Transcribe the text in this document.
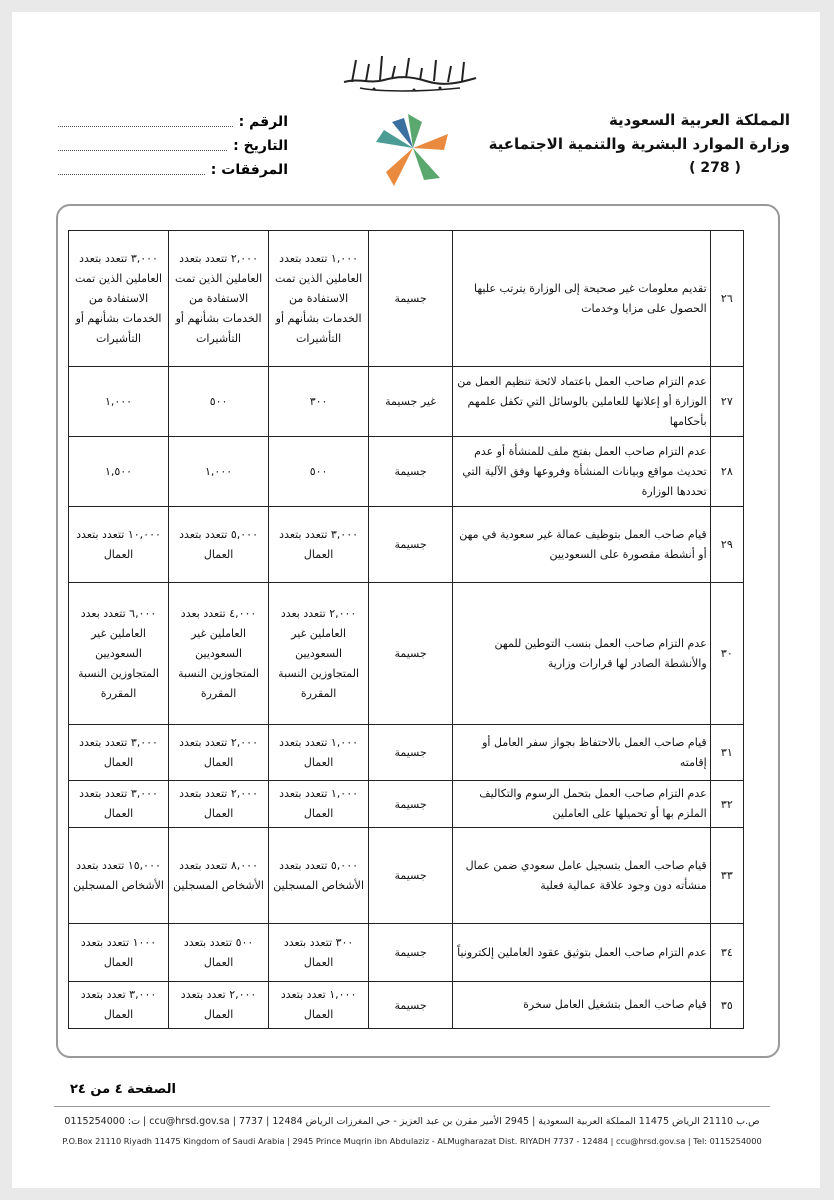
المملكة العربية السعودية
وزارة الموارد البشرية والتنمية الاجتماعية
( 278 )
الرقم :
التاريخ :
المرفقات :
٢٦	تقديم معلومات غير صحيحة إلى الوزارة يترتب عليها الحصول على مزايا وخدمات	جسيمة	١,٠٠٠ تتعدد بتعدد العاملين الذين تمت الاستفادة من الخدمات بشأنهم أو التأشيرات	٢,٠٠٠ تتعدد بتعدد العاملين الذين تمت الاستفادة من الخدمات بشأنهم أو التأشيرات	٣,٠٠٠ تتعدد بتعدد العاملين الذين تمت الاستفادة من الخدمات بشأنهم أو التأشيرات
٢٧	عدم التزام صاحب العمل باعتماد لائحة تنظيم العمل من الوزارة أو إعلانها للعاملين بالوسائل التي تكفل علمهم بأحكامها	غير جسيمة	٣٠٠	٥٠٠	١,٠٠٠
٢٨	عدم التزام صاحب العمل بفتح ملف للمنشأة أو عدم تحديث مواقع وبيانات المنشأة وفروعها وفق الآلية التي تحددها الوزارة	جسيمة	٥٠٠	١,٠٠٠	١,٥٠٠
٢٩	قيام صاحب العمل بتوظيف عمالة غير سعودية في مهن أو أنشطة مقصورة على السعوديين	جسيمة	٣,٠٠٠ تتعدد بتعدد العمال	٥,٠٠٠ تتعدد بتعدد العمال	١٠,٠٠٠ تتعدد بتعدد العمال
٣٠	عدم التزام صاحب العمل بنسب التوطين للمهن والأنشطة الصادر لها قرارات وزارية	جسيمة	٢,٠٠٠ تتعدد بعدد العاملين غير السعوديين المتجاوزين النسبة المقررة	٤,٠٠٠ تتعدد بعدد العاملين غير السعوديين المتجاوزين النسبة المقررة	٦,٠٠٠ تتعدد بعدد العاملين غير السعوديين المتجاوزين النسبة المقررة
٣١	قيام صاحب العمل بالاحتفاظ بجواز سفر العامل أو إقامته	جسيمة	١,٠٠٠ تتعدد بتعدد العمال	٢,٠٠٠ تتعدد بتعدد العمال	٣,٠٠٠ تتعدد بتعدد العمال
٣٢	عدم التزام صاحب العمل بتحمل الرسوم والتكاليف الملزم بها أو تحميلها على العاملين	جسيمة	١,٠٠٠ تتعدد بتعدد العمال	٢,٠٠٠ تتعدد بتعدد العمال	٣,٠٠٠ تتعدد بتعدد العمال
٣٣	قيام صاحب العمل بتسجيل عامل سعودي ضمن عمال منشأته دون وجود علاقة عمالية فعلية	جسيمة	٥,٠٠٠ تتعدد بتعدد الأشخاص المسجلين	٨,٠٠٠ تتعدد بتعدد الأشخاص المسجلين	١٥,٠٠٠ تتعدد بتعدد الأشخاص المسجلين
٣٤	عدم التزام صاحب العمل بتوثيق عقود العاملين إلكترونياً	جسيمة	٣٠٠ تتعدد بتعدد العمال	٥٠٠ تتعدد بتعدد العمال	١٠٠٠ تتعدد بتعدد العمال
٣٥	قيام صاحب العمل بتشغيل العامل سخرة	جسيمة	١,٠٠٠ تعدد بتعدد العمال	٢,٠٠٠ تعدد بتعدد العمال	٣,٠٠٠ تعدد بتعدد العمال
الصفحة ٤ من ٢٤
ص.ب 21110 الرياض 11475 المملكة العربية السعودية | 2945 الأمير مقرن بن عبد العزيز - حي المغرزات الرياض 12484 | 7737 | ccu@hrsd.gov.sa | ت: 0115254000
P.O.Box 21110 Riyadh 11475 Kingdom of Saudi Arabia | 2945 Prince Muqrin ibn Abdulaziz - ALMugharazat Dist. RIYADH 7737 - 12484 | ccu@hrsd.gov.sa | Tel: 0115254000
